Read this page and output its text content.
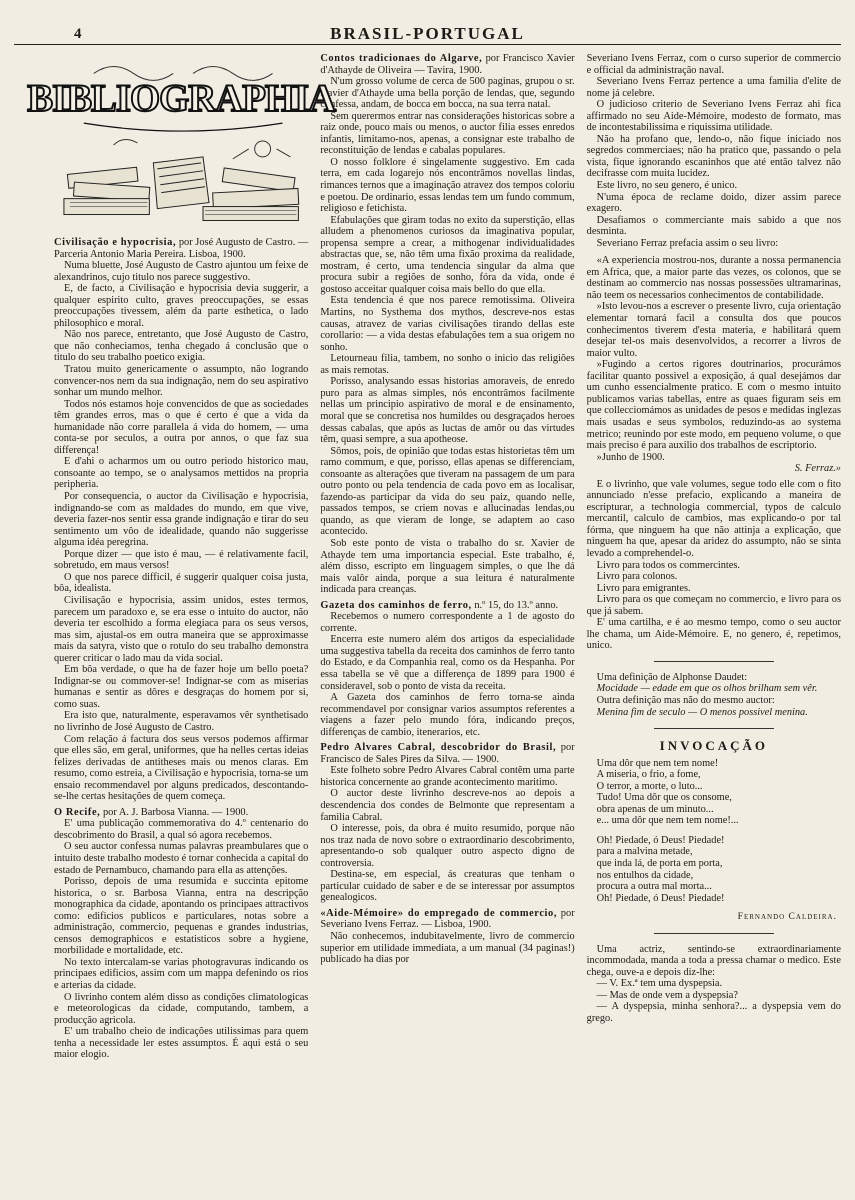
4	BRASIL-PORTUGAL
BIBLIOGRAPHIA
Civilisação e hypocrisia, por José Augusto de Castro. — Parceria Antonio Maria Pereira. Lisboa, 1900.

Numa bluette, José Augusto de Castro ajuntou um feixe de alexandrinos, cujo titulo nos parece suggestivo.

E, de facto, a Civilisação e hypocrisia devia suggerir, a qualquer espirito culto, graves preoccupações, se essas preoccupações tivessem, além da parte esthetica, o lado philosophico e moral.

Não nos parece, entretanto, que José Augusto de Castro, que não conheciamos, tenha chegado á conclusão que o titulo do seu trabalho poetico exigia.

Tratou muito genericamente o assumpto, não logrando convencer-nos nem da sua indignação, nem do seu aspirativo sonhar um mundo melhor.

Todos nós estamos hoje convencidos de que as sociedades têm grandes erros, mas o que é certo é que a vida da humanidade não corre parallela á vida do homem, — uma conta-se por seculos, a outra por annos, o que faz sua differença!

E d'ahi o acharmos um ou outro periodo historico mau, consoante ao tempo, se o analysamos mettidos na propria peripheria.

Por consequencia, o auctor da Civilisação e hypocrisia, indignando-se com as maldades do mundo, em que vive, deveria fazer-nos sentir essa grande indignação e tirar do seu sentimento um vôo de idealidade, quando não suggerisse alguma idéa peregrina.

Porque dizer — que isto é mau, — é relativamente facil, sobretudo, em maus versos!

O que nos parece difficil, é suggerir qualquer coisa justa, bôa, idealista.

Civilisação e hypocrisia, assim unidos, estes termos, parecem um paradoxo e, se era esse o intuito do auctor, não deveria ter escolhido a forma elegiaca para os seus versos, mas sim, ajustal-os em outra maneira que se approximasse mais da satyra, visto que o rotulo do seu trabalho demonstra querer criticar o lado mau da vida social.

Em bôa verdade, o que ha de fazer hoje um bello poeta? Indignar-se ou commover-se! Indignar-se com as miserias humanas e sentir as dôres e desgraças do homem por si, como suas.

Era isto que, naturalmente, esperavamos vêr synthetisado no livrinho de José Augusto de Castro.

Com relação á factura dos seus versos podemos affirmar que elles são, em geral, uniformes, que ha nelles certas ideias felizes derivadas de antitheses mais ou menos claras. Em resumo, como estreia, a Civilisação e hypocrisia, torna-se um ensaio recommendavel por alguns predicados, descontando-se-lhe certas hesitações de quem começa.

O Recife, por A. J. Barbosa Vianna. — 1900.

E' uma publicação commemorativa do 4.º centenario do descobrimento do Brasil, a qual só agora recebemos.

O seu auctor confessa numas palavras preambulares que o intuito deste trabalho modesto é tornar conhecida a capital do estado de Pernambuco, chamando para ella as attenções.

Porisso, depois de uma resumida e succinta epitome historica, o sr. Barbosa Vianna, entra na descripção monographica da cidade, apontando os principaes attractivos como: edificios publicos e particulares, notas sobre a administração, commercio, pequenas e grandes industrias, censos demographicos e estatisticos sobre a hygiene, morbilidade e mortalidade, etc.

No texto intercalam-se varias photogravuras indicando os principaes edificios, assim com um mappa defenindo os rios e arterias da cidade.

O livrinho contem além disso as condições climatologicas e meteorologicas da cidade, computando, tambem, a producção agricola.

E' um trabalho cheio de indicações utilissimas para quem tenha a necessidade ler estes assumptos. É aqui está o seu maior elogio.

Contos tradicionaes do Algarve, por Francisco Xavier d'Athayde de Oliveira — Tavira, 1900.

N'um grosso volume de cerca de 500 paginas, grupou o sr. Xavier d'Athayde uma bella porção de lendas, que, segundo confessa, andam, de bocca em bocca, na sua terra natal.

Sem querermos entrar nas considerações historicas sobre a raiz onde, pouco mais ou menos, o auctor filia esses enredos infantis, limitamo-nos, apenas, a consignar este trabalho de reconstituição de lendas e cabalas populares.

O nosso folklore é singelamente suggestivo. Em cada terra, em cada logarejo nós encontrâmos novellas lindas, rimances ternos que a imaginação atravez dos tempos coloriu e poetou. De ordinario, essas lendas tem um fundo commum, religioso e fetichista.

Efabulações que giram todas no exito da superstição, ellas alludem a phenomenos curiosos da imaginativa popular, propensa sempre a crear, a mithogenar individualidades abstractas que, se, não têm uma fixão proxima da realidade, mostram, é certo, uma tendencia singular da alma que procura subir a regiões de sonho, fóra da vida, onde é gostoso acceitar qualquer coisa mais bello do que ella.

Esta tendencia é que nos parece remotissima. Oliveira Martins, no Systhema dos mythos, descreve-nos estas causas, atravez de varias civilisações tirando dellas este corollario: — a vida destas efabulações tem a sua origem no sonho.

Letourneau filia, tambem, no sonho o inicio das religiões as mais remotas.

Porisso, analysando essas historias amoraveis, de enredo puro para as almas simples, nós encontrâmos facilmente nellas um principio aspirativo de moral e de ensinamento, moral que se concretisa nos humildes ou desgraçados heroes dessas cabalas, que após as luctas de amôr ou das virtudes têm, quasi sempre, a sua apotheose.

Sômos, pois, de opinião que todas estas historietas têm um ramo commum, e que, porisso, ellas apenas se differenciam, consoante as alterações que tiveram na passagem de um para outro ponto ou pela tendencia de cada povo em as localisar, fazendo-as participar da vida do seu paiz, quando nelle, passados tempos, se criem novas e allucinadas lendas,ou quando, as que vieram de longe, se adaptem ao caso acontecido.

Sob este ponto de vista o trabalho do sr. Xavier de Athayde tem uma importancia especial. Este trabalho, é, além disso, escripto em linguagem simples, o que lhe dá mais valôr ainda, porque a sua leitura é naturalmente indicada para creanças.

Gazeta dos caminhos de ferro, n.º 15, do 13.º anno.

Recebemos o numero correspondente a 1 de agosto do corrente.

Encerra este numero além dos artigos da especialidade uma suggestiva tabella da receita dos caminhos de ferro tanto do Estado, e da Companhia real, como os da Hespanha. Por essa tabella se vê que a differença de 1899 para 1900 é consideravel, sob o ponto de vista da receita.

A Gazeta dos caminhos de ferro torna-se ainda recommendavel por consignar varios assumptos referentes a viagens a fazer pelo mundo fóra, indicando preços, differenças de cambio, itenerarios, etc.

Pedro Alvares Cabral, descobridor do Brasil, por Francisco de Sales Pires da Silva. — 1900.

Este folheto sobre Pedro Alvares Cabral contêm uma parte historica concernente ao grande acontecimento maritimo.

O auctor deste livrinho descreve-nos ao depois a descendencia dos condes de Belmonte que representam a familia Cabral.

O interesse, pois, da obra é muito resumido, porque não nos traz nada de novo sobre o extraordinario descobrimento, apresentando-o sob qualquer outro aspecto digno de controversia.

Destina-se, em especial, ás creaturas que tenham o particular cuidado de saber e de se interessar por assumptos genealogicos.

«Aide-Mémoire» do empregado de commercio, por Severiano Ivens Ferraz. — Lisboa, 1900.

Não conhecemos, indubitavelmente, livro de commercio superior em utilidade immediata, a um manual (34 paginas!) publicado ha dias por

Severiano Ivens Ferraz, com o curso superior de commercio e official da administração naval.

Severiano Ivens Ferraz pertence a uma familia d'elite de nome já celebre.

O judicioso criterio de Severiano Ivens Ferraz ahi fica affirmado no seu Aide-Mémoire, modesto de formato, mas de incontestabilissima e riquissima utilidade.

Não ha profano que, lendo-o, não fique iniciado nos segredos commerciaes; não ha pratico que, passando o pela vista, fique ignorando escaninhos que até então talvez não decifrasse com muita lucidez.

Este livro, no seu genero, é unico.

N'uma época de reclame doido, dizer assim parece exagero.

Desafiamos o commerciante mais sabido a que nos desminta.

Severiano Ferraz prefacia assim o seu livro:

«A experiencia mostrou-nos, durante a nossa permanencia em Africa, que, a maior parte das vezes, os colonos, que se destinam ao commercio nas nossas possessões ultramarinas, não teem os necessarios conhecimentos de contabilidade.

»Isto levou-nos a escrever o presente livro, cuja orientação elementar tornará facil a consulta dos que poucos conhecimentos tiverem d'esta materia, e habilitará quem desejar tel-os mais desenvolvidos, a recorrer a livros de maior vulto.

»Fugindo a certos rigores doutrinarios, procurámos facilitar quanto possivel a exposição, á qual desejámos dar um cunho essencialmente pratico. E com o mesmo intuito publicamos varias tabellas, entre as quaes figuram seis em que collecciomámos as unidades de pesos e medidas inglezas mais usadas e seus symbolos, reduzindo-as ao systema metrico; reunindo por este modo, em pequeno volume, o que mais preciso é para auxilio dos trabalhos de escriptorio.

»Junho de 1900.

S. Ferraz.»

E o livrinho, que vale volumes, segue todo elle com o fito annunciado n'esse prefacio, explicando a maneira de escripturar, a technologia commercial, typos de calculo mercantil, calculo de cambios, mas explicando-o por tal fórma, que ninguem ha que não attinja a explicação, que ninguem ha que, apesar da aridez do assumpto, não se sinta levado a comprehendel-o.

Livro para todos os commercintes.

Livro para colonos.

Livro para emigrantes.

Livro para os que começam no commercio, e livro para os que já sabem.

E' uma cartilha, e é ao mesmo tempo, como o seu auctor lhe chama, um Aide-Mémoire. E, no genero, é, repetimos, unico.

Uma definição de Alphonse Daudet:

Mocidade — edade em que os olhos brilham sem vêr.

Outra definição mas não do mesmo auctor:

Menina fim de seculo — O menos possivel menina.

INVOCAÇÃO

Uma dôr que nem tem nome!

A miseria, o frio, a fome,

O terror, a morte, o luto...

Tudo! Uma dôr que os consome,

obra apenas de um minuto...

e... uma dôr que nem tem nome!...

Oh! Piedade, ó Deus! Piedade!

para a malvina metade,

que inda lá, de porta em porta,

nos entulhos da cidade,

procura a outra mal morta...

Oh! Piedade, ó Deus! Piedade!

Fernando Caldeira.

Uma actriz, sentindo-se extraordinariamente incommodada, manda a toda a pressa chamar o medico. Este chega, ouve-a e depois diz-lhe:

— V. Ex.ª tem uma dyspepsia.

— Mas de onde vem a dyspepsia?

— A dyspepsia, minha senhora?... a dyspepsia vem do grego.
